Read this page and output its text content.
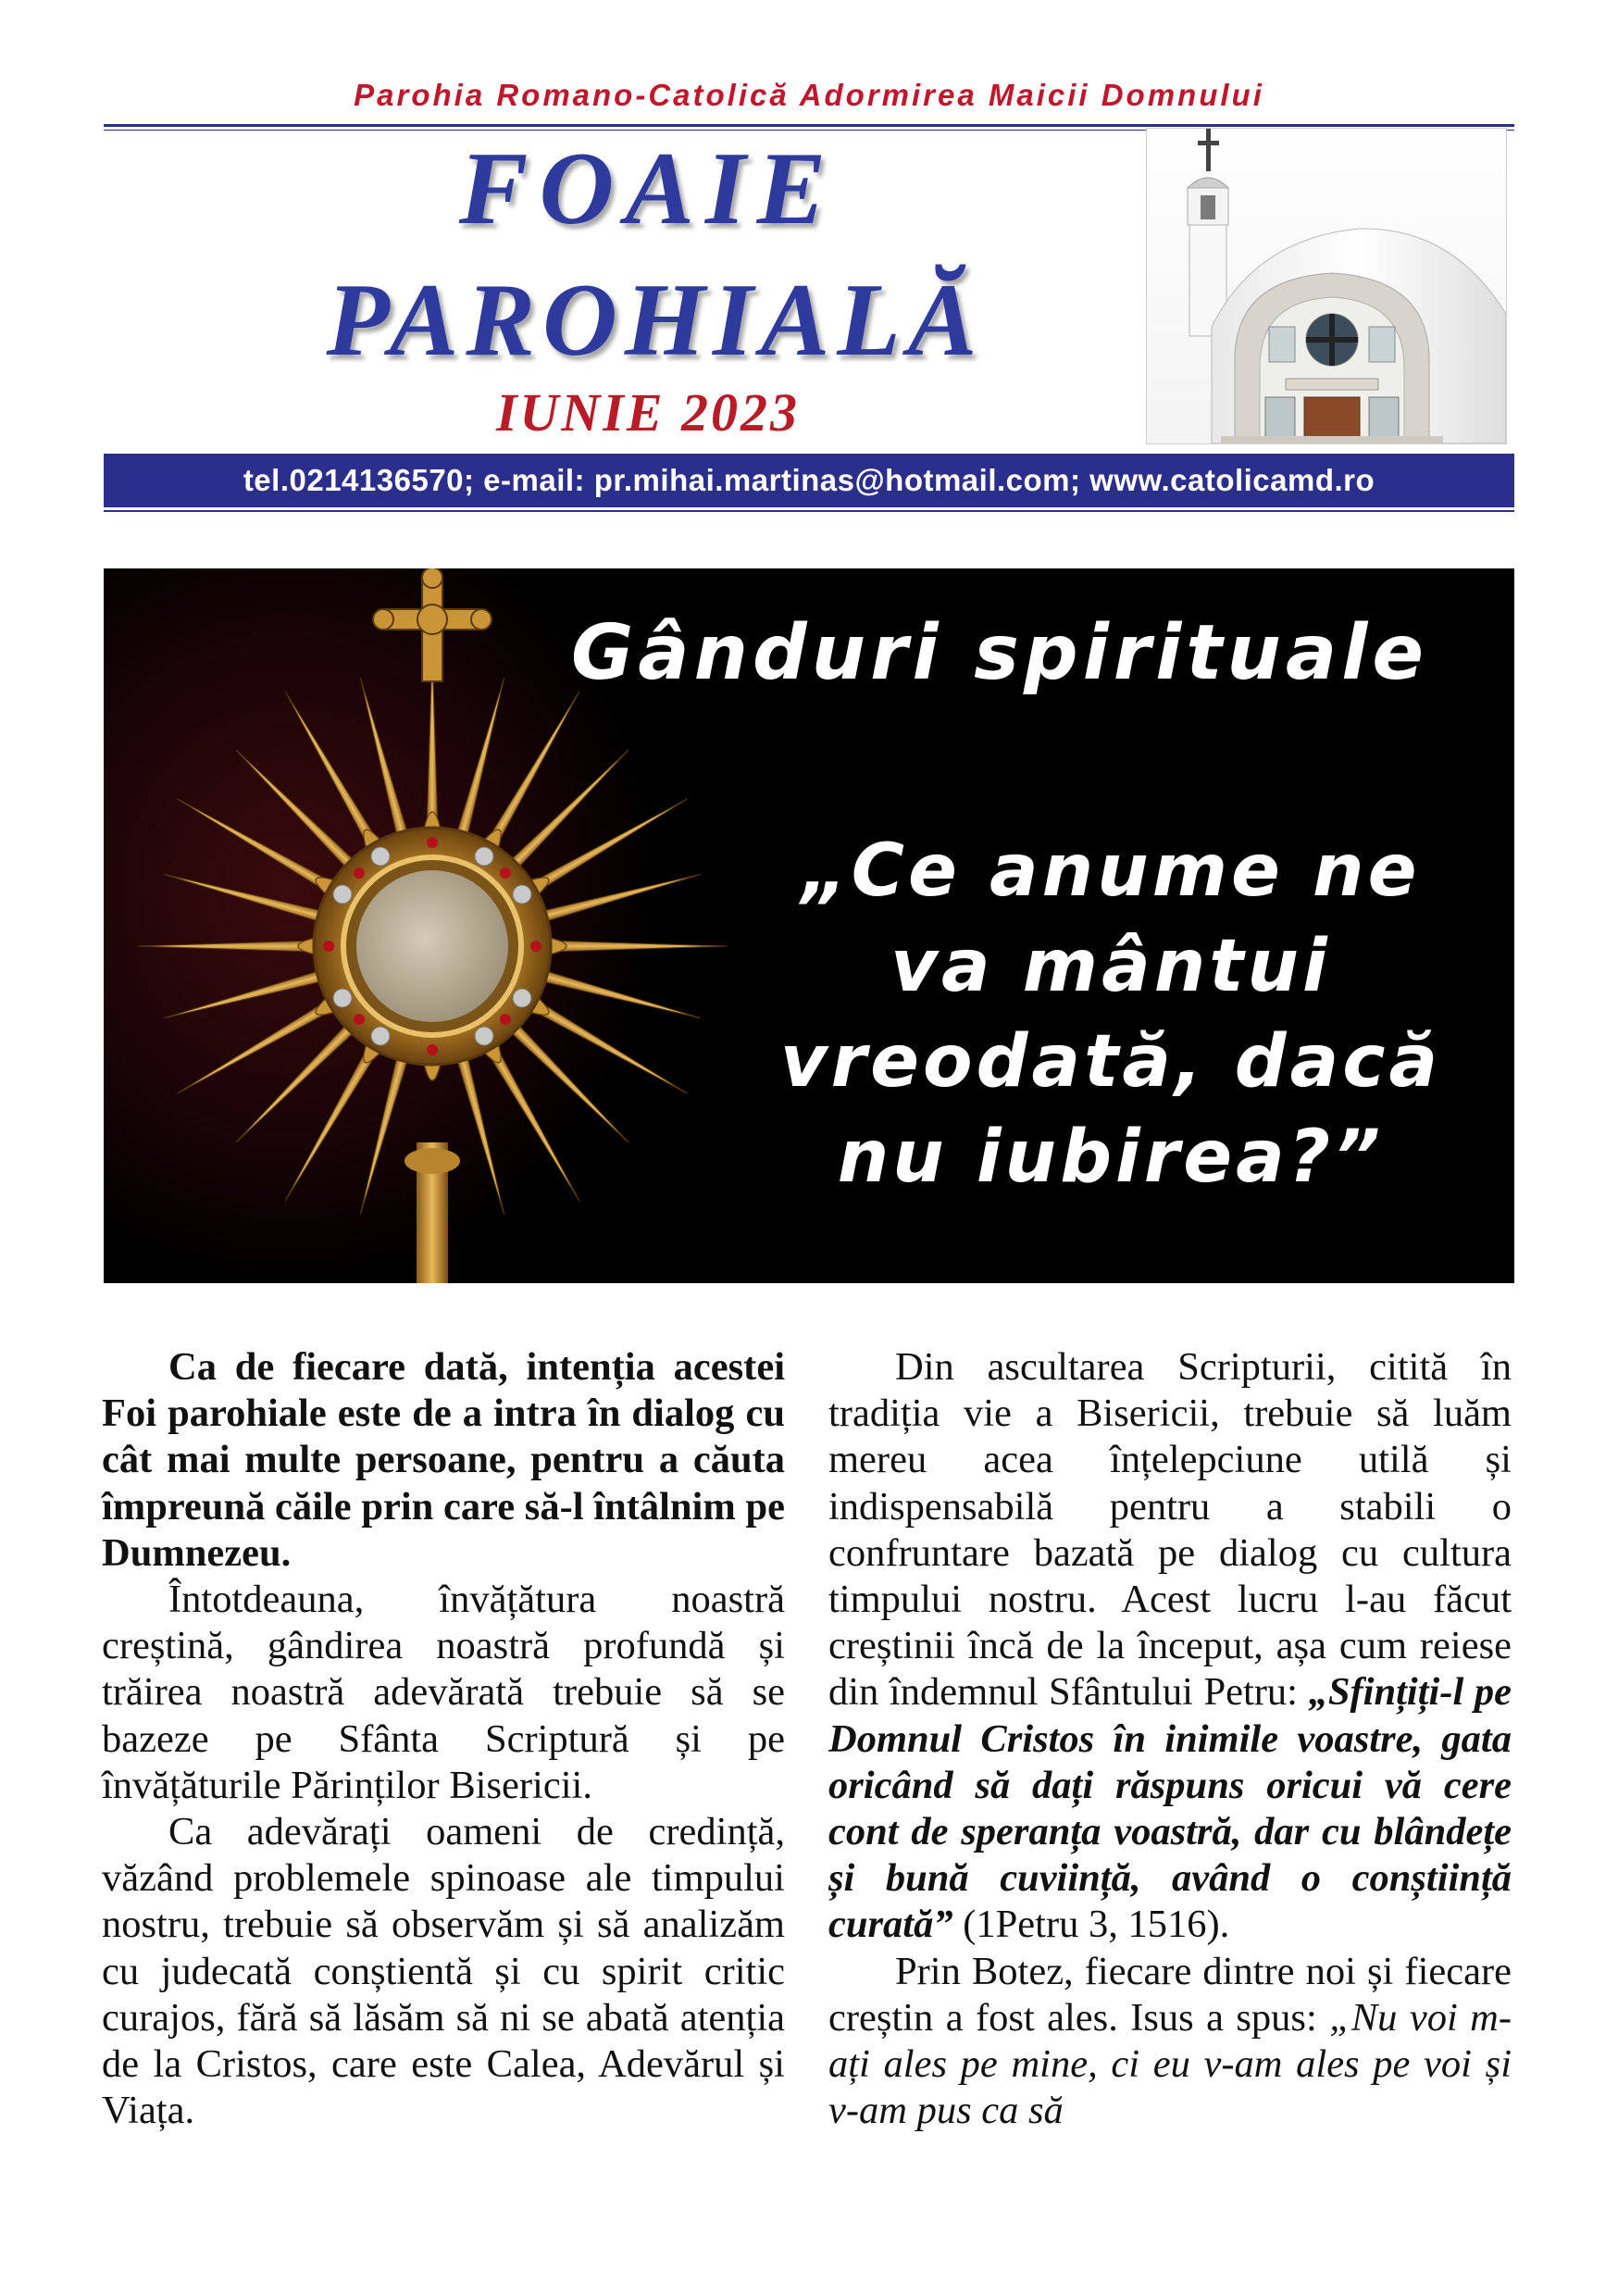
Parohia Romano-Catolică Adormirea Maicii Domnului
FOAIE
PAROHIALĂ
IUNIE 2023
tel.0214136570; e-mail: pr.mihai.martinas@hotmail.com; www.catolicamd.ro
Gânduri spirituale
„Ce anume ne va mântui vreodată, dacă nu iubirea?”

Ca de fiecare dată, intenția acestei Foi parohiale este de a intra în dialog cu cât mai multe persoane, pentru a căuta împreună căile prin care să-l întâlnim pe Dumnezeu.

Întotdeauna, învățătura noastră creștină, gândirea noastră profundă și trăirea noastră adevărată trebuie să se bazeze pe Sfânta Scriptură și pe învățăturile Părinților Bisericii.

Ca adevărați oameni de credință, văzând problemele spinoase ale timpului nostru, trebuie să observăm și să analizăm cu judecată conștientă și cu spirit critic curajos, fără să lăsăm să ni se abată atenția de la Cristos, care este Calea, Adevărul și Viața.

Din ascultarea Scripturii, citită în tradiția vie a Bisericii, trebuie să luăm mereu acea înțelepciune utilă și indispensabilă pentru a stabili o confruntare bazată pe dialog cu cultura timpului nostru. Acest lucru l-au făcut creștinii încă de la început, așa cum reiese din îndemnul Sfântului Petru: „Sfințiți-l pe Domnul Cristos în inimile voastre, gata oricând să dați răspuns oricui vă cere cont de speranța voastră, dar cu blândețe și bună cuviință, având o conștiință curată” (1Petru 3, 1516).

Prin Botez, fiecare dintre noi și fiecare creștin a fost ales. Isus a spus: „Nu voi m-ați ales pe mine, ci eu v-am ales pe voi și v-am pus ca să
